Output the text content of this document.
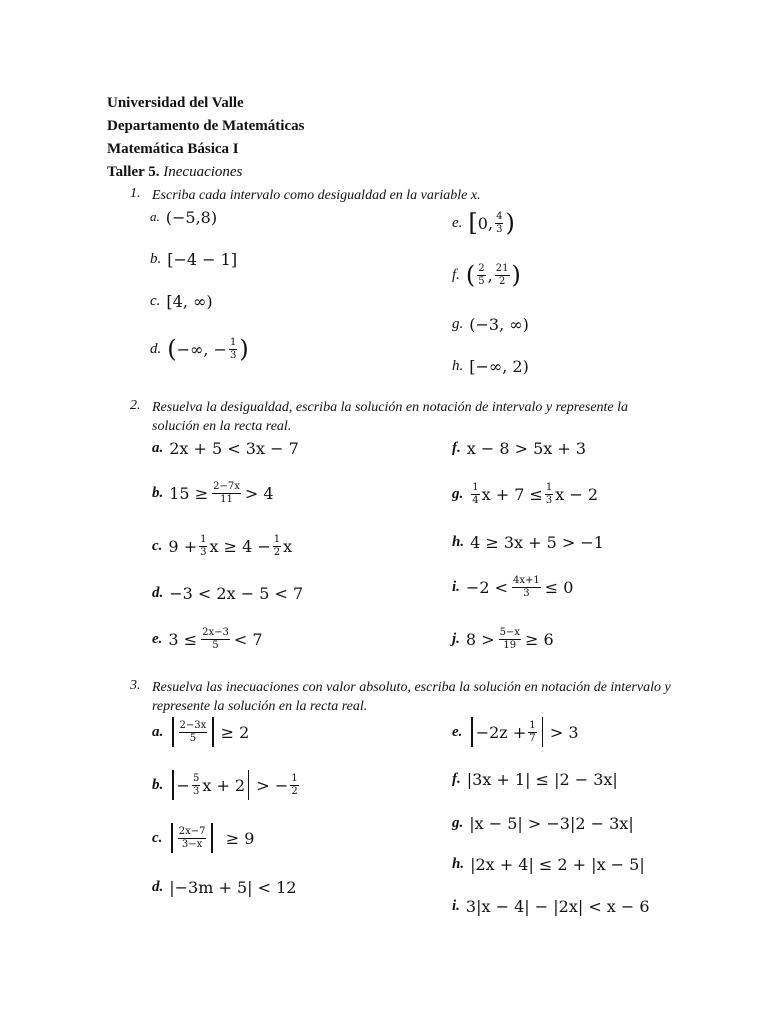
Universidad del Valle
Departamento de Matemáticas
Matemática Básica I
Taller 5. Inecuaciones
1. Escriba cada intervalo como desigualdad en la variable x.
a. (−5,8)
b. [−4 − 1]
c. [4, ∞)
d. ( −∞, − $\frac{1}{3}$ )
e. [ 0, $\frac{4}{3}$ )
f. ( $\frac{2}{5}$ , $\frac{21}{2}$ )
g. (−3, ∞)
h. [−∞, 2)
2. Resuelva la desigualdad, escriba la solución en notación de intervalo y represente la solución en la recta real.
a. 2x + 5 < 3x − 7
b. $15 \ge \frac{2-7x}{11} > 4$
c. $9 + \frac{1}{3}$ $x \ge 4 - \frac{1}{2}$ x
d. −3 < 2x − 5 < 7
e. $3 \le \frac{2x-3}{5} < 7$
f. x − 8 > 5x + 3
g. $\frac{1}{4}$ $x + 7 \le \frac{1}{3}$ x − 2
h. 4 ≥ 3x + 5 > −1
i. $-2 < \frac{4x+1}{3} \le 0$
j. $8 > \frac{5-x}{19} \ge 6$
3. Resuelva las inecuaciones con valor absoluto, escriba la solución en notación de intervalo y represente la solución en la recta real.
a. $\frac{2-3x}{5} \ge 2$
b. − $\frac{5}{3}$ x + 2 > − $\frac{1}{2}$
c. $\frac{2x-7}{3-x} \ge 9$
d. |−3m + 5| < 12
e. $-2z + \frac{1}{7} > 3$
f. |3x + 1| ≤ |2 − 3x|
g. |x − 5| > −3|2 − 3x|
h. |2x + 4| ≤ 2 + |x − 5|
i. 3|x − 4| − |2x| < x − 6
